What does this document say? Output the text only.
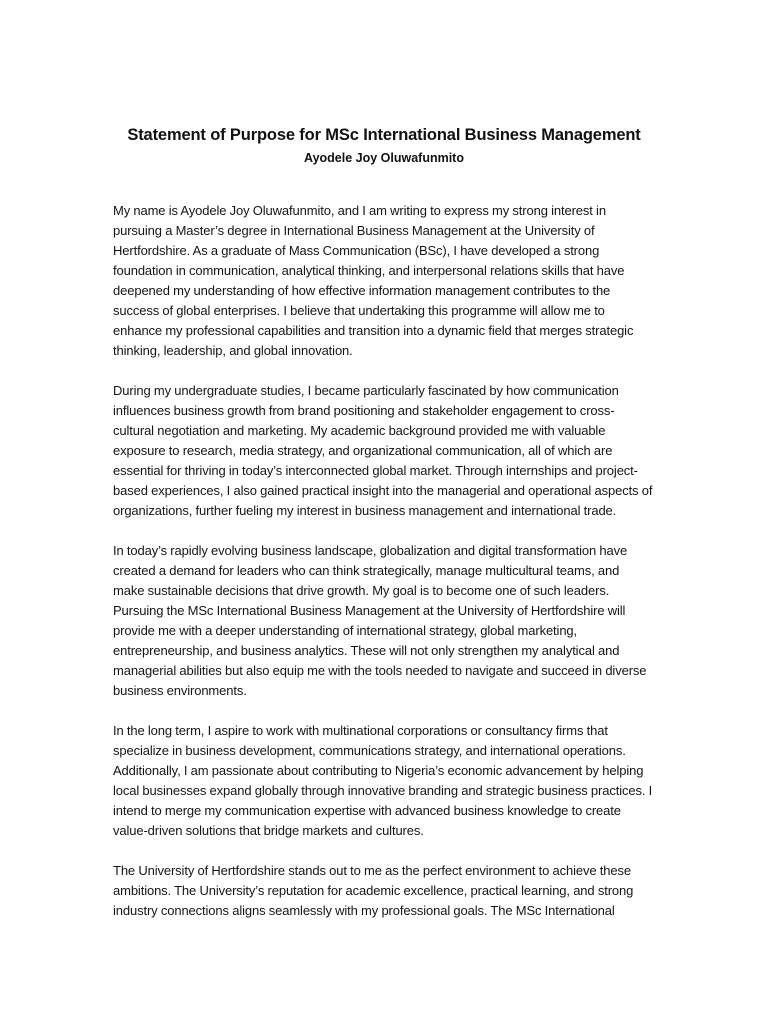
Statement of Purpose for MSc International Business Management
Ayodele Joy Oluwafunmito

My name is Ayodele Joy Oluwafunmito, and I am writing to express my strong interest in
pursuing a Master’s degree in International Business Management at the University of
Hertfordshire. As a graduate of Mass Communication (BSc), I have developed a strong
foundation in communication, analytical thinking, and interpersonal relations skills that have
deepened my understanding of how effective information management contributes to the
success of global enterprises. I believe that undertaking this programme will allow me to
enhance my professional capabilities and transition into a dynamic field that merges strategic
thinking, leadership, and global innovation.

During my undergraduate studies, I became particularly fascinated by how communication
influences business growth from brand positioning and stakeholder engagement to cross-
cultural negotiation and marketing. My academic background provided me with valuable
exposure to research, media strategy, and organizational communication, all of which are
essential for thriving in today’s interconnected global market. Through internships and project-
based experiences, I also gained practical insight into the managerial and operational aspects of
organizations, further fueling my interest in business management and international trade.

In today’s rapidly evolving business landscape, globalization and digital transformation have
created a demand for leaders who can think strategically, manage multicultural teams, and
make sustainable decisions that drive growth. My goal is to become one of such leaders.
Pursuing the MSc International Business Management at the University of Hertfordshire will
provide me with a deeper understanding of international strategy, global marketing,
entrepreneurship, and business analytics. These will not only strengthen my analytical and
managerial abilities but also equip me with the tools needed to navigate and succeed in diverse
business environments.

In the long term, I aspire to work with multinational corporations or consultancy firms that
specialize in business development, communications strategy, and international operations.
Additionally, I am passionate about contributing to Nigeria’s economic advancement by helping
local businesses expand globally through innovative branding and strategic business practices. I
intend to merge my communication expertise with advanced business knowledge to create
value-driven solutions that bridge markets and cultures.

The University of Hertfordshire stands out to me as the perfect environment to achieve these
ambitions. The University’s reputation for academic excellence, practical learning, and strong
industry connections aligns seamlessly with my professional goals. The MSc International
